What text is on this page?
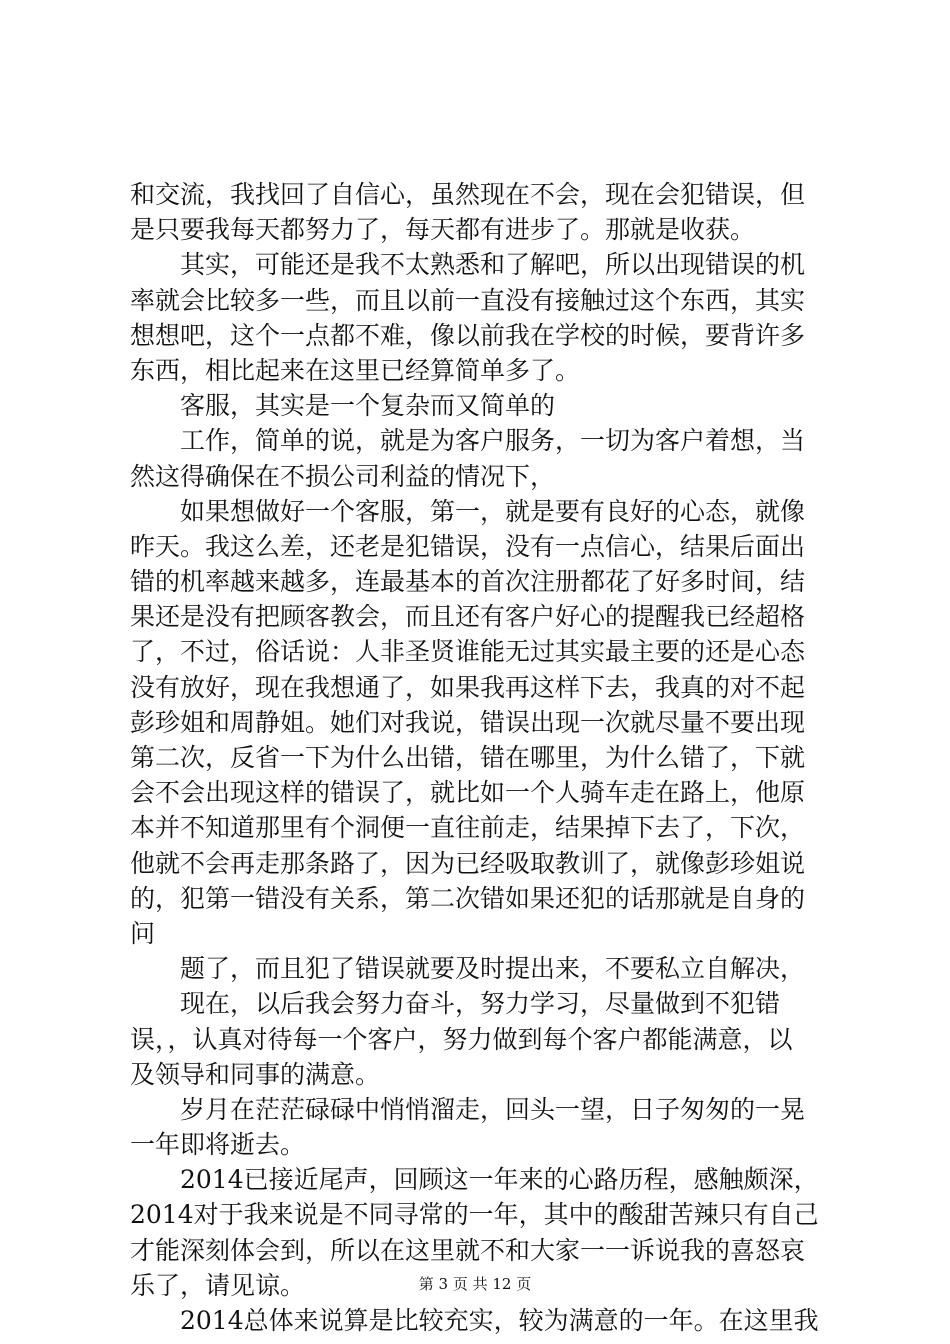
和交流，我找回了自信心，虽然现在不会，现在会犯错误，但
是只要我每天都努力了，每天都有进步了。那就是收获。
　　其实，可能还是我不太熟悉和了解吧，所以出现错误的机
率就会比较多一些，而且以前一直没有接触过这个东西，其实
想想吧，这个一点都不难，像以前我在学校的时候，要背许多
东西，相比起来在这里已经算简单多了。
　　客服，其实是一个复杂而又简单的
　　工作，简单的说，就是为客户服务，一切为客户着想，当
然这得确保在不损公司利益的情况下，
　　如果想做好一个客服，第一，就是要有良好的心态，就像
昨天。我这么差，还老是犯错误，没有一点信心，结果后面出
错的机率越来越多，连最基本的首次注册都花了好多时间，结
果还是没有把顾客教会，而且还有客户好心的提醒我已经超格
了，不过，俗话说：人非圣贤谁能无过其实最主要的还是心态
没有放好，现在我想通了，如果我再这样下去，我真的对不起
彭珍姐和周静姐。她们对我说，错误出现一次就尽量不要出现
第二次，反省一下为什么出错，错在哪里，为什么错了，下就
会不会出现这样的错误了，就比如一个人骑车走在路上，他原
本并不知道那里有个洞便一直往前走，结果掉下去了，下次，
他就不会再走那条路了，因为已经吸取教训了，就像彭珍姐说
的，犯第一错没有关系，第二次错如果还犯的话那就是自身的
问
　　题了，而且犯了错误就要及时提出来，不要私立自解决，
　　现在，以后我会努力奋斗，努力学习，尽量做到不犯错
误，，认真对待每一个客户，努力做到每个客户都能满意，以
及领导和同事的满意。
　　岁月在茫茫碌碌中悄悄溜走，回头一望，日子匆匆的一晃
一年即将逝去。
　　2014已接近尾声，回顾这一年来的心路历程，感触颇深，
2014对于我来说是不同寻常的一年，其中的酸甜苦辣只有自己
才能深刻体会到，所以在这里就不和大家一一诉说我的喜怒哀
乐了，请见谅。
　　2014总体来说算是比较充实，较为满意的一年。在这里我
第 3 页 共 12 页
